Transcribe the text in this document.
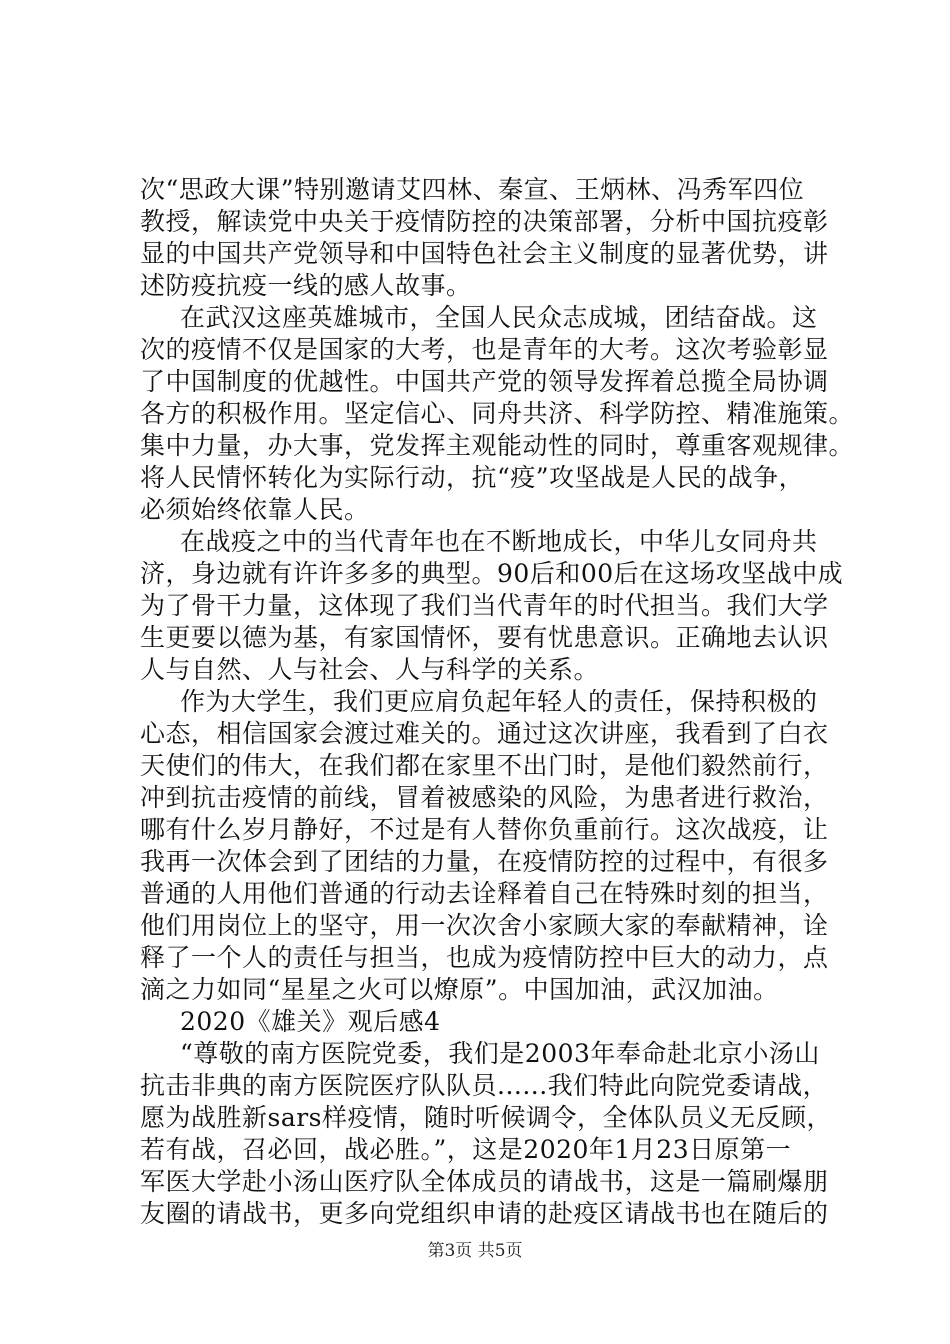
次“思政大课”特别邀请艾四林、秦宣、王炳林、冯秀军四位
教授，解读党中央关于疫情防控的决策部署，分析中国抗疫彰
显的中国共产党领导和中国特色社会主义制度的显著优势，讲
述防疫抗疫一线的感人故事。
在武汉这座英雄城市，全国人民众志成城，团结奋战。这
次的疫情不仅是国家的大考，也是青年的大考。这次考验彰显
了中国制度的优越性。中国共产党的领导发挥着总揽全局协调
各方的积极作用。坚定信心、同舟共济、科学防控、精准施策。
集中力量，办大事，党发挥主观能动性的同时，尊重客观规律。
将人民情怀转化为实际行动，抗“疫”攻坚战是人民的战争，
必须始终依靠人民。
在战疫之中的当代青年也在不断地成长，中华儿女同舟共
济，身边就有许许多多的典型。90后和00后在这场攻坚战中成
为了骨干力量，这体现了我们当代青年的时代担当。我们大学
生更要以德为基，有家国情怀，要有忧患意识。正确地去认识
人与自然、人与社会、人与科学的关系。
作为大学生，我们更应肩负起年轻人的责任，保持积极的
心态，相信国家会渡过难关的。通过这次讲座，我看到了白衣
天使们的伟大，在我们都在家里不出门时，是他们毅然前行，
冲到抗击疫情的前线，冒着被感染的风险，为患者进行救治，
哪有什么岁月静好，不过是有人替你负重前行。这次战疫，让
我再一次体会到了团结的力量，在疫情防控的过程中，有很多
普通的人用他们普通的行动去诠释着自己在特殊时刻的担当，
他们用岗位上的坚守，用一次次舍小家顾大家的奉献精神，诠
释了一个人的责任与担当，也成为疫情防控中巨大的动力，点
滴之力如同“星星之火可以燎原”。中国加油，武汉加油。
2020《雄关》观后感4
“尊敬的南方医院党委，我们是2003年奉命赴北京小汤山
抗击非典的南方医院医疗队队员......我们特此向院党委请战，
愿为战胜新sars样疫情，随时听候调令，全体队员义无反顾，
若有战，召必回，战必胜。”，这是2020年1月23日原第一
军医大学赴小汤山医疗队全体成员的请战书，这是一篇刷爆朋
友圈的请战书，更多向党组织申请的赴疫区请战书也在随后的
第3页 共5页
